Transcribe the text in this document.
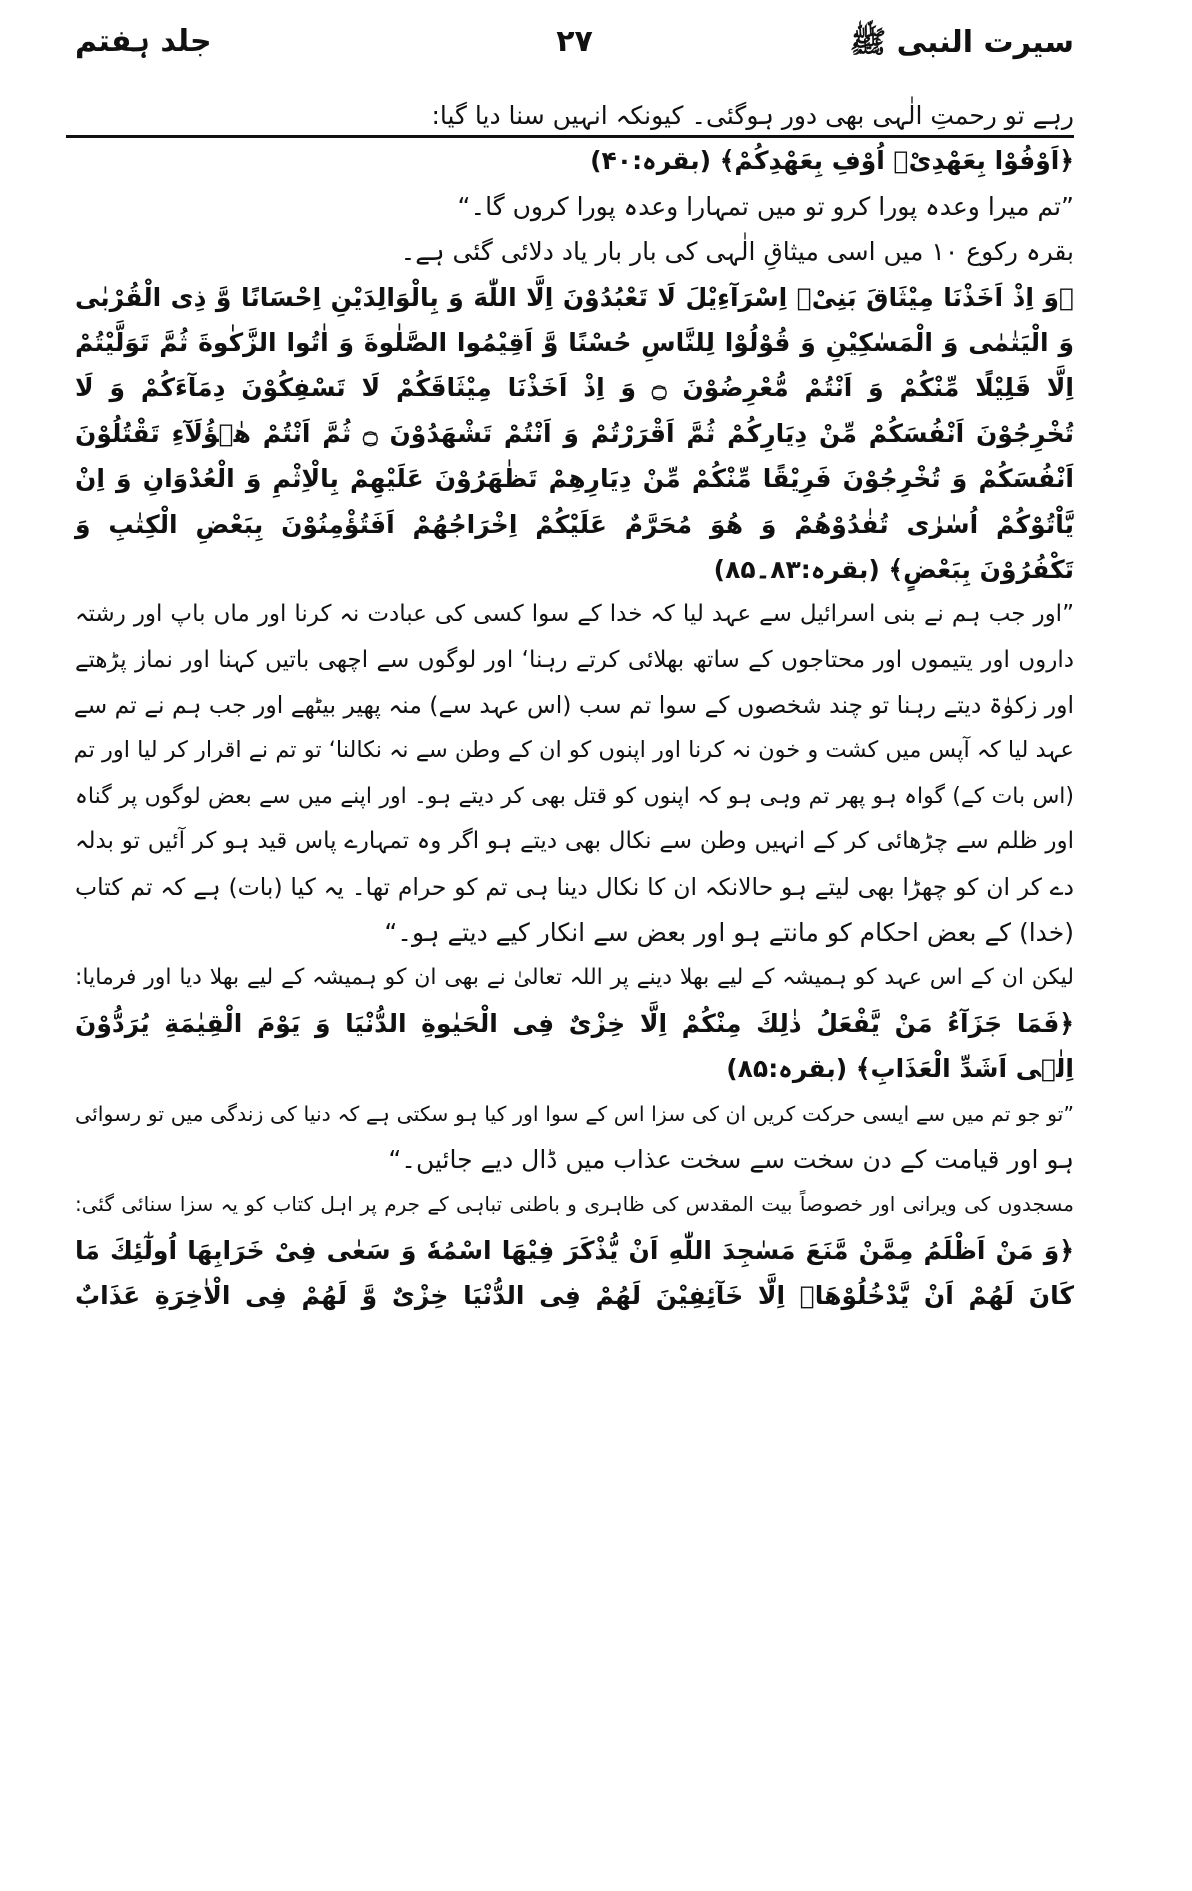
سیرت النبی ﷺ
۲۷
جلد ہفتم
رہے تو رحمتِ الٰہی بھی دور ہوگئی۔ کیونکہ انہیں سنا دیا گیا:
﴿اَوْفُوْا بِعَهْدِیْۤ اُوْفِ بِعَهْدِكُمْ﴾ (بقرہ:۴۰)
”تم میرا وعدہ پورا کرو تو میں تمہارا وعدہ پورا کروں گا۔“
بقرہ رکوع ۱۰ میں اسی میثاقِ الٰہی کی بار بار یاد دلائی گئی ہے۔
﴿وَ اِذْ اَخَذْنَا مِیْثَاقَ بَنِیْۤ اِسْرَآءِیْلَ لَا تَعْبُدُوْنَ اِلَّا اللّٰهَ وَ بِالْوَالِدَیْنِ اِحْسَانًا وَّ ذِی الْقُرْبٰی
وَ الْیَتٰمٰی وَ الْمَسٰكِیْنِ وَ قُوْلُوْا لِلنَّاسِ حُسْنًا وَّ اَقِیْمُوا الصَّلٰوةَ وَ اٰتُوا الزَّكٰوةَ ثُمَّ تَوَلَّیْتُمْ
اِلَّا قَلِیْلًا مِّنْكُمْ وَ اَنْتُمْ مُّعْرِضُوْنَ ۝ وَ اِذْ اَخَذْنَا مِیْثَاقَكُمْ لَا تَسْفِكُوْنَ دِمَآءَكُمْ وَ لَا
تُخْرِجُوْنَ اَنْفُسَكُمْ مِّنْ دِیَارِكُمْ ثُمَّ اَقْرَرْتُمْ وَ اَنْتُمْ تَشْهَدُوْنَ ۝ ثُمَّ اَنْتُمْ هٰۤؤُلَآءِ تَقْتُلُوْنَ
اَنْفُسَكُمْ وَ تُخْرِجُوْنَ فَرِیْقًا مِّنْكُمْ مِّنْ دِیَارِهِمْ تَظٰهَرُوْنَ عَلَیْهِمْ بِالْاِثْمِ وَ الْعُدْوَانِ وَ اِنْ
یَّاْتُوْكُمْ اُسٰرٰی تُفٰدُوْهُمْ وَ هُوَ مُحَرَّمٌ عَلَیْكُمْ اِخْرَاجُهُمْ اَفَتُؤْمِنُوْنَ بِبَعْضِ الْكِتٰبِ وَ
تَكْفُرُوْنَ بِبَعْضٍ﴾ (بقرہ:۸۳۔۸۵)
”اور جب ہم نے بنی اسرائیل سے عہد لیا کہ خدا کے سوا کسی کی عبادت نہ کرنا اور ماں باپ اور رشتہ
داروں اور یتیموں اور محتاجوں کے ساتھ بھلائی کرتے رہنا‘ اور لوگوں سے اچھی باتیں کہنا اور نماز پڑھتے
اور زکوٰۃ دیتے رہنا تو چند شخصوں کے سوا تم سب (اس عہد سے) منہ پھیر بیٹھے اور جب ہم نے تم سے
عہد لیا کہ آپس میں کشت و خون نہ کرنا اور اپنوں کو ان کے وطن سے نہ نکالنا‘ تو تم نے اقرار کر لیا اور تم
(اس بات کے) گواہ ہو پھر تم وہی ہو کہ اپنوں کو قتل بھی کر دیتے ہو۔ اور اپنے میں سے بعض لوگوں پر گناہ
اور ظلم سے چڑھائی کر کے انہیں وطن سے نکال بھی دیتے ہو اگر وہ تمہارے پاس قید ہو کر آئیں تو بدلہ
دے کر ان کو چھڑا بھی لیتے ہو حالانکہ ان کا نکال دینا ہی تم کو حرام تھا۔ یہ کیا (بات) ہے کہ تم کتاب
(خدا) کے بعض احکام کو مانتے ہو اور بعض سے انکار کیے دیتے ہو۔“
لیکن ان کے اس عہد کو ہمیشہ کے لیے بھلا دینے پر اللہ تعالیٰ نے بھی ان کو ہمیشہ کے لیے بھلا دیا اور فرمایا:
﴿فَمَا جَزَآءُ مَنْ یَّفْعَلُ ذٰلِكَ مِنْكُمْ اِلَّا خِزْیٌ فِی الْحَیٰوةِ الدُّنْیَا وَ یَوْمَ الْقِیٰمَةِ یُرَدُّوْنَ
اِلٰۤی اَشَدِّ الْعَذَابِ﴾ (بقرہ:۸۵)
”تو جو تم میں سے ایسی حرکت کریں ان کی سزا اس کے سوا اور کیا ہو سکتی ہے کہ دنیا کی زندگی میں تو رسوائی
ہو اور قیامت کے دن سخت سے سخت عذاب میں ڈال دیے جائیں۔“
مسجدوں کی ویرانی اور خصوصاً بیت المقدس کی ظاہری و باطنی تباہی کے جرم پر اہل کتاب کو یہ سزا سنائی گئی:
﴿وَ مَنْ اَظْلَمُ مِمَّنْ مَّنَعَ مَسٰجِدَ اللّٰهِ اَنْ یُّذْكَرَ فِیْهَا اسْمُهٗ وَ سَعٰی فِیْ خَرَابِهَا اُولٰٓئِكَ مَا
كَانَ لَهُمْ اَنْ یَّدْخُلُوْهَاۤ اِلَّا خَآئِفِیْنَ لَهُمْ فِی الدُّنْیَا خِزْیٌ وَّ لَهُمْ فِی الْاٰخِرَةِ عَذَابٌ
